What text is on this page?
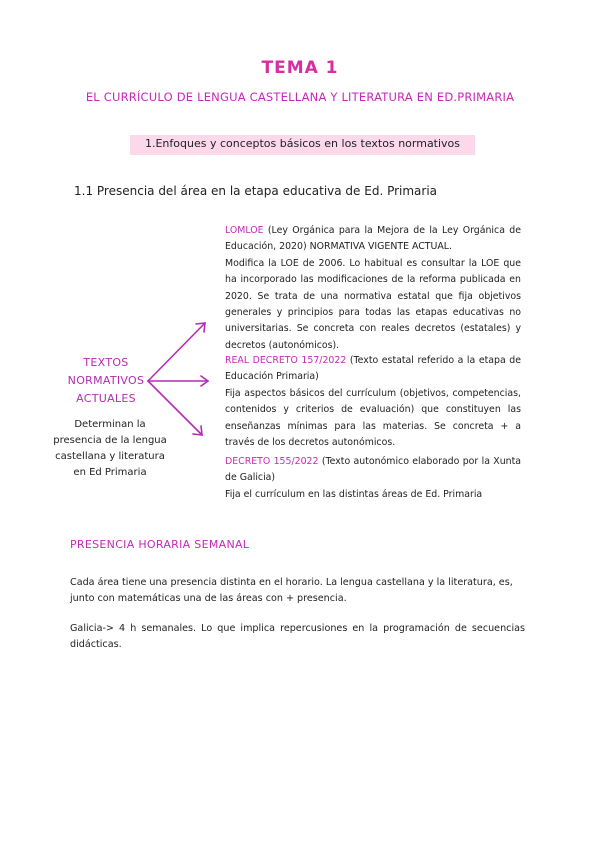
TEMA 1
EL CURRÍCULO DE LENGUA CASTELLANA Y LITERATURA EN ED.PRIMARIA
1.Enfoques y conceptos básicos en los textos normativos
1.1 Presencia del área en la etapa educativa de Ed. Primaria
TEXTOS NORMATIVOS ACTUALES
Determinan la presencia de la lengua castellana y literatura en Ed Primaria
LOMLOE (Ley Orgánica para la Mejora de la Ley Orgánica de Educación, 2020) NORMATIVA VIGENTE ACTUAL.
Modifica la LOE de 2006. Lo habitual es consultar la LOE que ha incorporado las modificaciones de la reforma publicada en 2020. Se trata de una normativa estatal que fija objetivos generales y principios para todas las etapas educativas no universitarias. Se concreta con reales decretos (estatales) y decretos (autonómicos).
REAL DECRETO 157/2022 (Texto estatal referido a la etapa de Educación Primaria)
Fija aspectos básicos del currículum (objetivos, competencias, contenidos y criterios de evaluación) que constituyen las enseñanzas mínimas para las materias. Se concreta + a través de los decretos autonómicos.
DECRETO 155/2022 (Texto autonómico elaborado por la Xunta de Galicia)
Fija el currículum en las distintas áreas de Ed. Primaria
PRESENCIA HORARIA SEMANAL
Cada área tiene una presencia distinta en el horario. La lengua castellana y la literatura, es, junto con matemáticas una de las áreas con + presencia.
Galicia-> 4 h semanales. Lo que implica repercusiones en la programación de secuencias didácticas.
